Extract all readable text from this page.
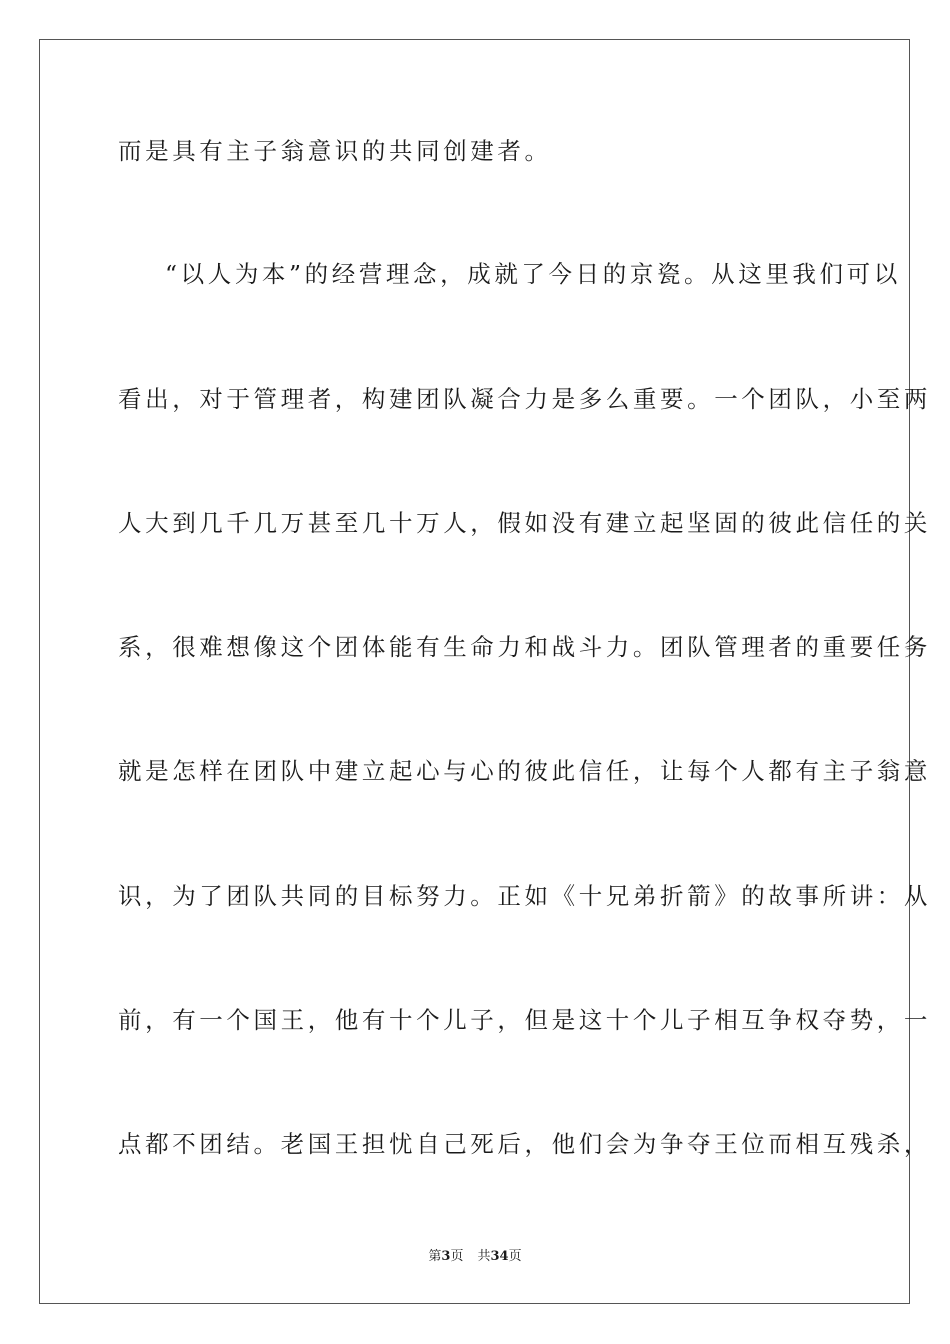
而是具有主子翁意识的共同创建者。
“以人为本”的经营理念，成就了今日的京瓷。从这里我们可以
看出，对于管理者，构建团队凝合力是多么重要。一个团队，小至两
人大到几千几万甚至几十万人，假如没有建立起坚固的彼此信任的关
系，很难想像这个团体能有生命力和战斗力。团队管理者的重要任务
就是怎样在团队中建立起心与心的彼此信任，让每个人都有主子翁意
识，为了团队共同的目标努力。正如《十兄弟折箭》的故事所讲：从
前，有一个国王，他有十个儿子，但是这十个儿子相互争权夺势，一
点都不团结。老国王担忧自己死后，他们会为争夺王位而相互残杀，
第3页 共34页
